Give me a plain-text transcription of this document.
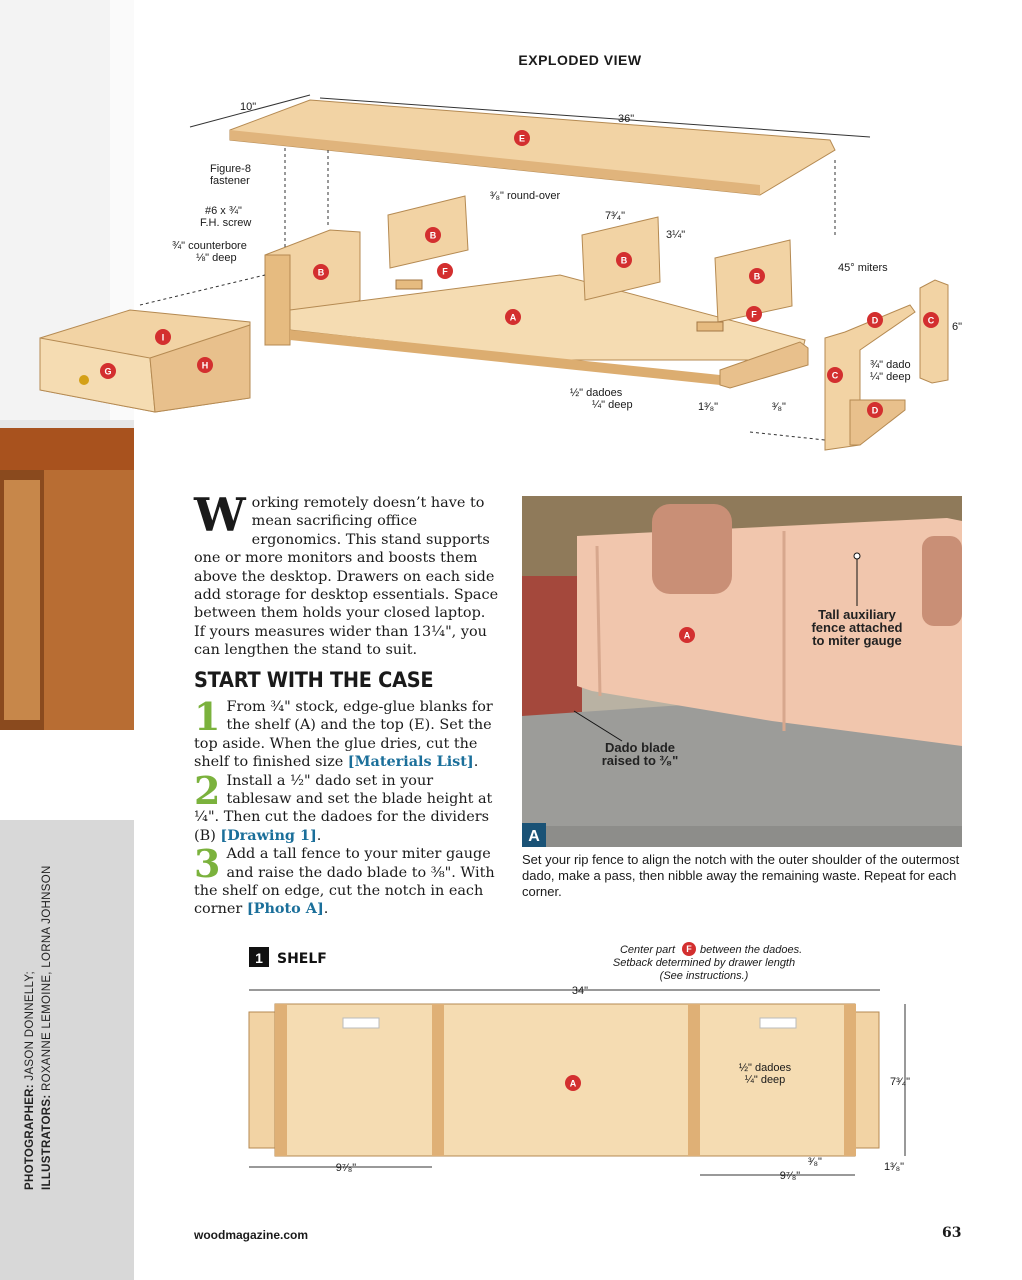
PHOTOGRAPHER: JASON DONNELLY;
ILLUSTRATORS: ROXANNE LEMOINE, LORNA JOHNSON
EXPLODED VIEW
E
10"
36"
B
A
B
B
B
F
F
G
H
I
C
C
D
D
Figure-8
fastener
#6 x ¾"
F.H. screw
¾" counterbore
⅛" deep
³⁄₈" round-over
7³⁄₄"
3¼"
45° miters
6"
¾" dado
¼" deep
½" dadoes
¼" deep	1³⁄₈"	³⁄₈"
Working remotely doesn’t have to mean sacrificing office ergonomics. This stand supports one or more monitors and boosts them above the desktop. Drawers on each side add storage for desktop essentials. Space between them holds your closed laptop. If yours measures wider than 13¹⁄₄", you can lengthen the stand to suit.
START WITH THE CASE

1 From ³⁄₄" stock, edge-glue blanks for the shelf (A) and the top (E). Set the top aside. When the glue dries, cut the shelf to finished size [Materials List].

2 Install a ¹⁄₂" dado set in your tablesaw and set the blade height at ¹⁄₄". Then cut the dadoes for the dividers (B) [Drawing 1].

3 Add a tall fence to your miter gauge and raise the dado blade to ³⁄₈". With the shelf on edge, cut the notch in each corner [Photo A].

A
Tall auxiliary
fence attached
to miter gauge
Dado blade
raised to ³⁄₈"
A
Set your rip fence to align the notch with the outer shoulder of the outermost dado, make a pass, then nibble away the remaining waste. Repeat for each corner.
1 SHELF
Center part F between the dadoes.
Setback determined by drawer length
(See instructions.)
34"
A
½" dadoes
¼" deep	7³⁄₄"
9⁷⁄₈"
9⁷⁄₈"
³⁄₈"	1³⁄₈"
woodmagazine.com	63
